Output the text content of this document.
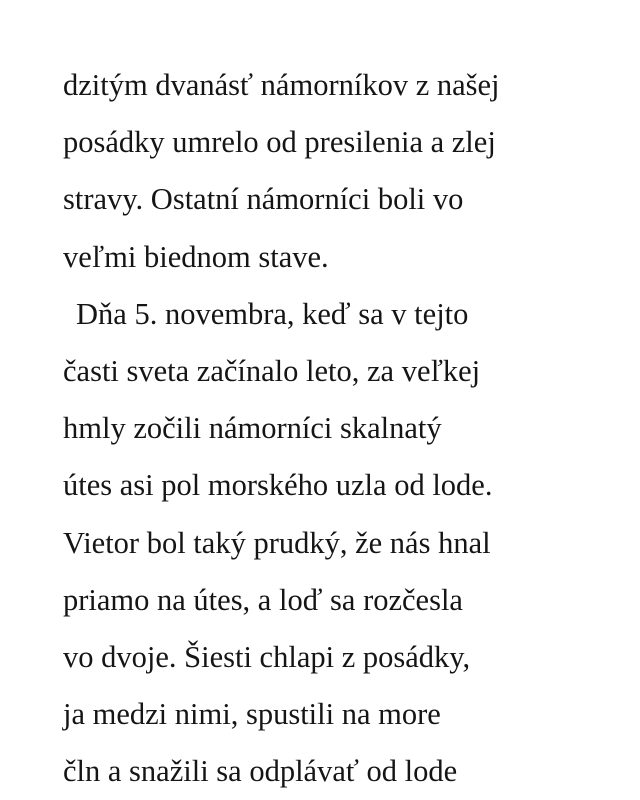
dzitým dvanásť námorníkov z našej
posádky umrelo od presilenia a zlej
stravy. Ostatní námorníci boli vo
veľmi biednom stave.
Dňa 5. novembra, keď sa v tejto
časti sveta začínalo leto, za veľkej
hmly zočili námorníci skalnatý
útes asi pol morského uzla od lode.
Vietor bol taký prudký, že nás hnal
priamo na útes, a loď sa rozčesla
vo dvoje. Šiesti chlapi z posádky,
ja medzi nimi, spustili na more
čln a snažili sa odplávať od lode
